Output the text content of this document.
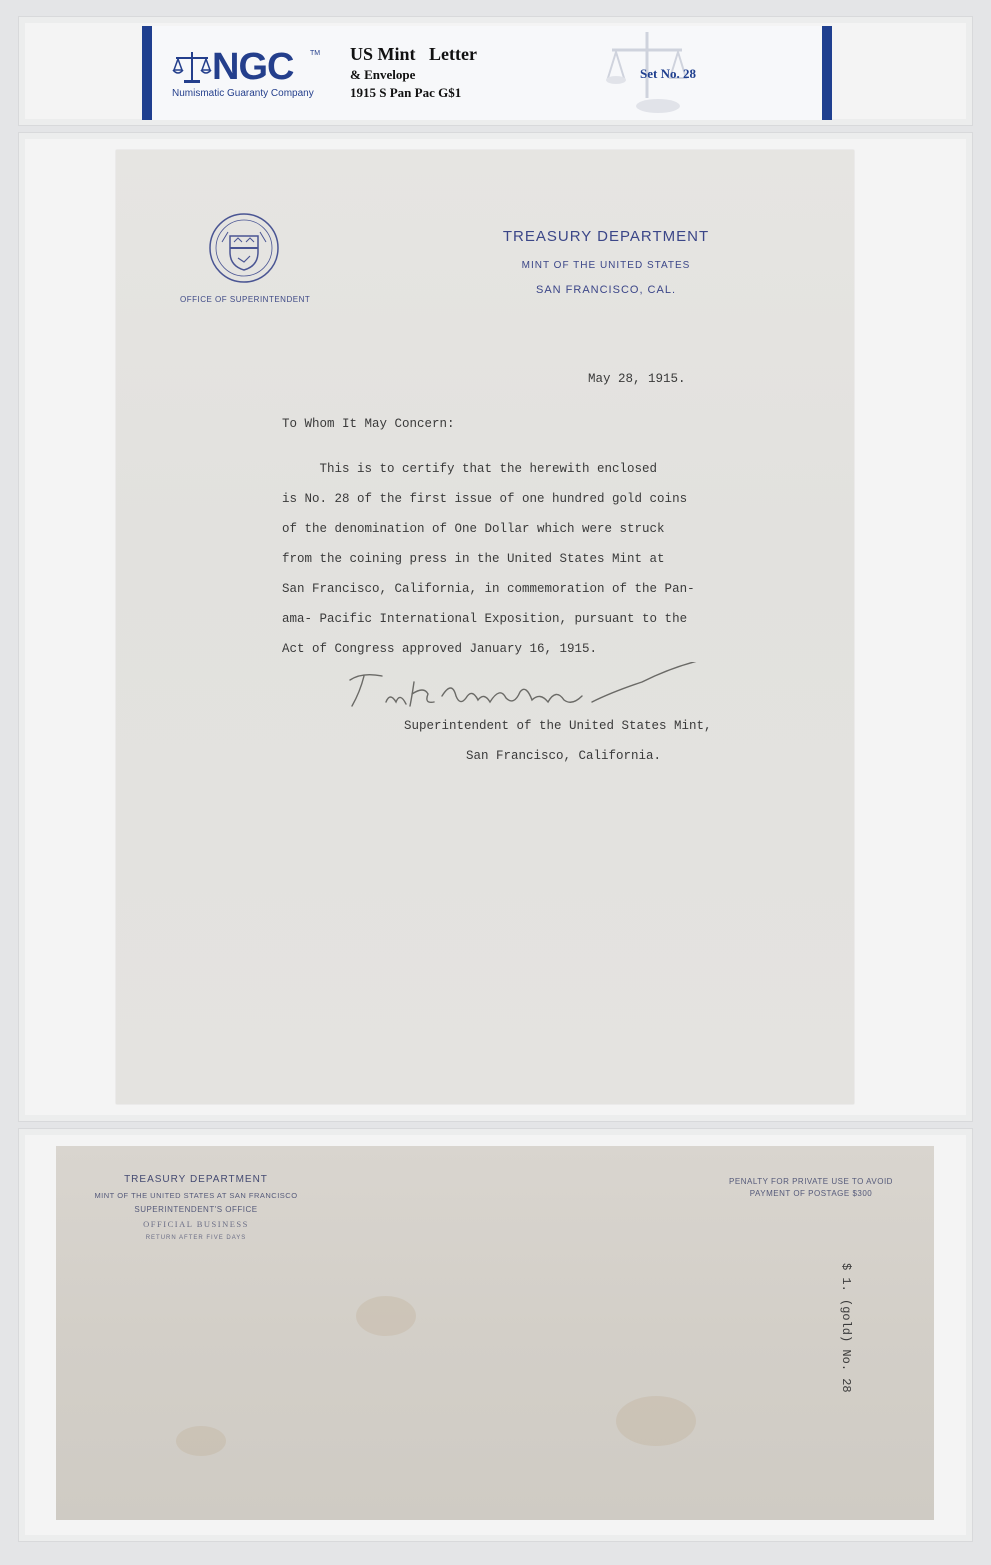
NGC TM
Numismatic Guaranty Company
US Mint   Letter
& Envelope
1915 S Pan Pac G$1
Set No. 28
OFFICE OF SUPERINTENDENT
TREASURY DEPARTMENT
MINT OF THE UNITED STATES
SAN FRANCISCO, CAL.
May 28, 1915.
To Whom It May Concern:
This is to certify that the herewith enclosed
is No. 28 of the first issue of one hundred gold coins
of the denomination of One Dollar which were struck
from the coining press in the United States Mint at
San Francisco, California, in commemoration of the Pan-
ama- Pacific International Exposition, pursuant to the
Act of Congress approved January 16, 1915.
Superintendent of the United States Mint,
San Francisco, California.
TREASURY DEPARTMENT
MINT OF THE UNITED STATES AT SAN FRANCISCO
SUPERINTENDENT'S OFFICE
OFFICIAL BUSINESS
RETURN AFTER FIVE DAYS
PENALTY FOR PRIVATE USE TO AVOID
PAYMENT OF POSTAGE $300
$ 1. (gold) No. 28
